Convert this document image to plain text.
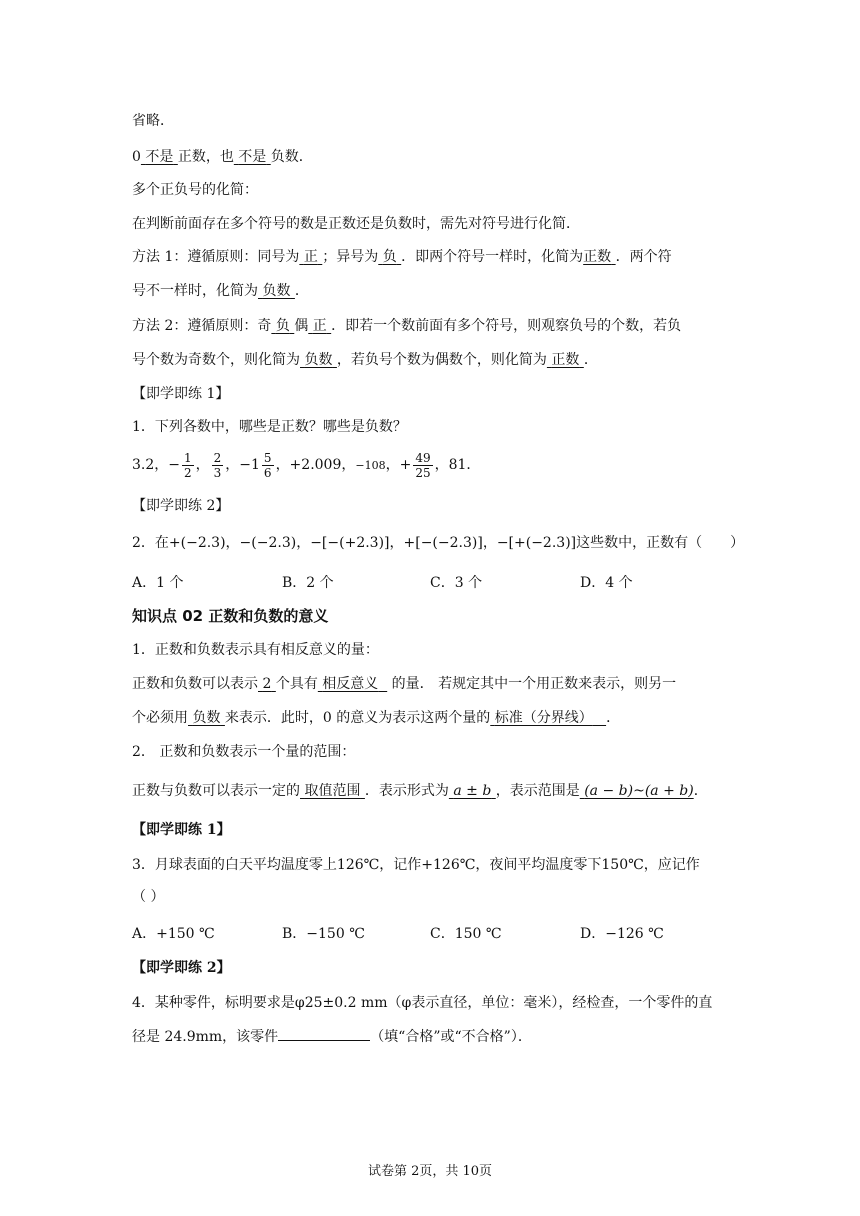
省略．
0 不是 正数，也 不是 负数．
多个正负号的化简：
在判断前面存在多个符号的数是正数还是负数时，需先对符号进行化简．
方法 1：遵循原则：同号为 正 ；异号为 负 ．即两个符号一样时，化简为正数 ．两个符
号不一样时，化简为 负数 ．
方法 2：遵循原则：奇 负 偶 正 ．即若一个数前面有多个符号，则观察负号的个数，若负
号个数为奇数个，则化简为 负数 ，若负号个数为偶数个，则化简为 正数 ．
【即学即练 1】
1．下列各数中，哪些是正数？哪些是负数？
3.2，− $\frac{1}{2}$ ， $\frac{2}{3}$ ，$-1 \frac{5}{6}$ ，+2.009，−108，+ $\frac{49}{25}$ ，81．
【即学即练 2】
2．在+(−2.3)，−(−2.3)，−[−(+2.3)]，+[−(−2.3)]，−[+(−2.3)]这些数中，正数有（　　）
A．1 个	B．2 个	C．3 个	D．4 个
知识点 02 正数和负数的意义
1．正数和负数表示具有相反意义的量：
正数和负数可以表示 2 个具有 相反意义 的量． 若规定其中一个用正数来表示，则另一
个必须用 负数 来表示．此时，0 的意义为表示这两个量的 标准（分界线） ．
2． 正数和负数表示一个量的范围：
正数与负数可以表示一定的 取值范围 ．表示形式为 a ± b ，表示范围是 (a − b)~(a + b)．
【即学即练 1】
3．月球表面的白天平均温度零上126℃，记作+126℃，夜间平均温度零下150℃，应记作
（ ）
A．+150 ℃	B．−150 ℃	C．150 ℃	D．−126 ℃
【即学即练 2】
4．某种零件，标明要求是φ25±0.2 mm（φ表示直径，单位：毫米），经检查，一个零件的直
径是 24.9mm，该零件	（填“合格”或“不合格”）．
试卷第 2页，共 10页
